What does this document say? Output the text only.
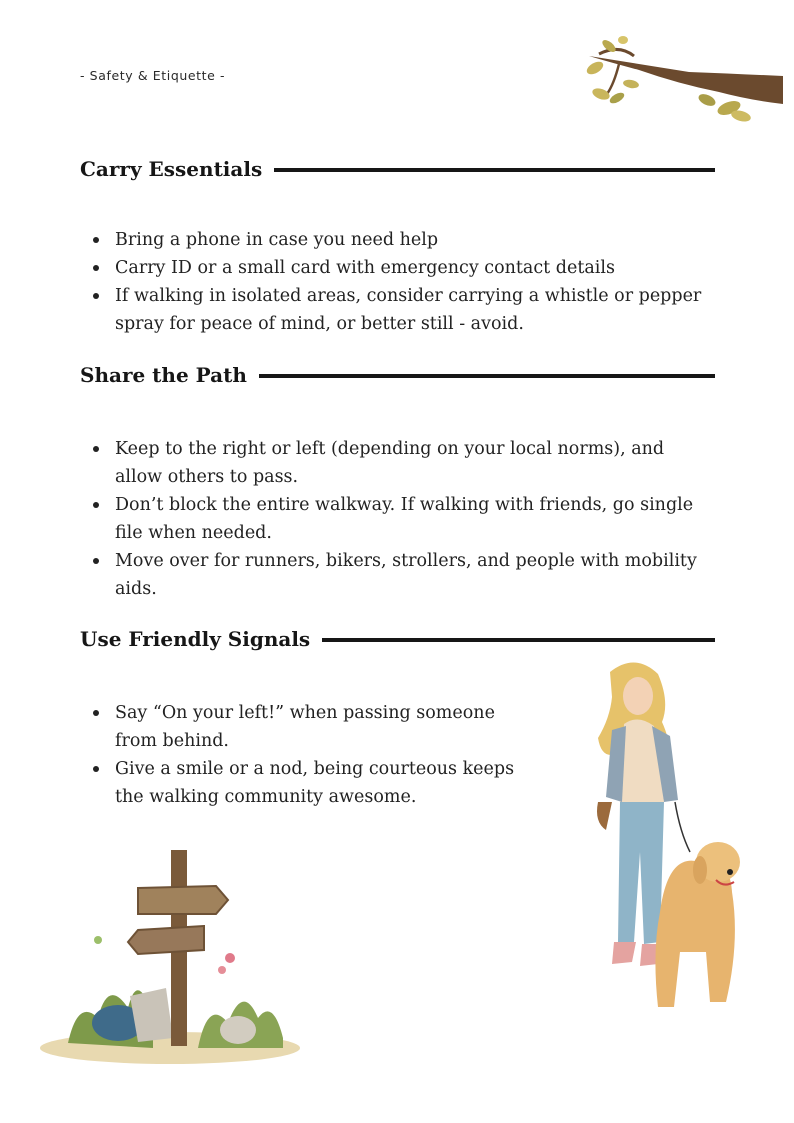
- Safety & Etiquette -
Carry Essentials
Bring a phone in case you need help
Carry ID or a small card with emergency contact details
If walking in isolated areas, consider carrying a whistle or pepper spray for peace of mind, or better still - avoid.
Share the Path
Keep to the right or left (depending on your local norms), and allow others to pass.
Don’t block the entire walkway. If walking with friends, go single file when needed.
Move over for runners, bikers, strollers, and people with mobility aids.
Use Friendly Signals
Say “On your left!” when passing someone from behind.
Give a smile or a nod, being courteous keeps the walking community awesome.
